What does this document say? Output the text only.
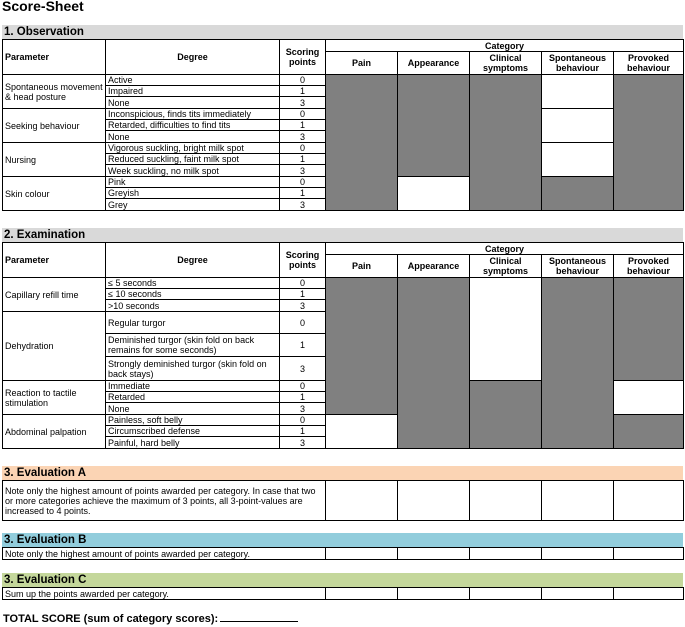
Score-Sheet
1. Observation
Parameter	Degree	Scoring points	Category				
			Pain	Appearance	Clinical symptoms	Spontaneous behaviour	Provoked behaviour
Spontaneous movement & head posture	Active	0					
	Impaired	1					
	None	3					
Seeking behaviour	Inconspicious, finds tits immediately	0					
	Retarded, difficulties to find tits	1					
	None	3					
Nursing	Vigorous suckling, bright milk spot	0					
	Reduced suckling, faint milk spot	1					
	Week suckling, no milk spot	3					
Skin colour	Pink	0					
	Greyish	1					
	Grey	3					
2. Examination
Parameter	Degree	Scoring points	Category				
			Pain	Appearance	Clinical symptoms	Spontaneous behaviour	Provoked behaviour
Capillary refill time	≤ 5 seconds	0					
	≤ 10 seconds	1					
	>10 seconds	3					
Dehydration	Regular turgor	0					
	Deminished turgor (skin fold on back remains for some seconds)	1					
	Strongly deminished turgor (skin fold on back stays)	3					
Reaction to tactile stimulation	Immediate	0					
	Retarded	1					
	None	3					
Abdominal palpation	Painless, soft belly	0					
	Circumscribed defense	1					
	Painful, hard belly	3					
3. Evaluation A
Note only the highest amount of points awarded per category. In case that two or more categories achieve the maximum of 3 points, all 3-point-values are increased to 4 points.					
3. Evaluation B
Note only the highest amount of points awarded per category.					
3. Evaluation C
Sum up the points awarded per category.					
TOTAL SCORE (sum of category scores):
